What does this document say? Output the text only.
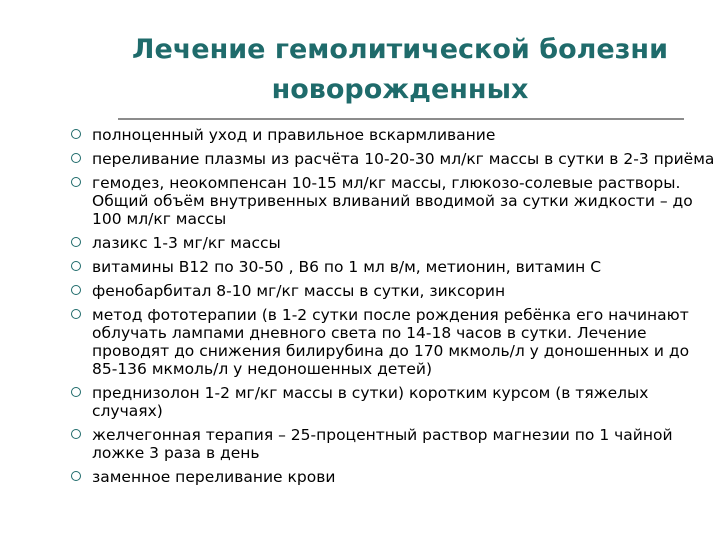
Лечение гемолитической болезни новорожденных
полноценный уход и правильное вскармливание
переливание плазмы из расчёта 10-20-30 мл/кг массы в сутки в 2-3 приёма
гемодез, неокомпенсан 10-15 мл/кг массы, глюкозо-солевые растворы. Общий объём внутривенных вливаний вводимой за сутки жидкости – до 100 мл/кг массы
лазикс 1-3 мг/кг массы
витамины B12 по 30-50 , B6 по 1 мл в/м, метионин, витамин С
фенобарбитал 8-10 мг/кг массы в сутки, зиксорин
метод фототерапии (в 1-2 сутки после рождения ребёнка его начинают облучать лампами дневного света по 14-18 часов в сутки. Лечение проводят до снижения билирубина до 170 мкмоль/л у доношенных и до 85-136 мкмоль/л у недоношенных детей)
преднизолон 1-2 мг/кг массы в сутки) коротким курсом (в тяжелых случаях)
желчегонная терапия – 25-процентный раствор магнезии по 1 чайной ложке 3 раза в день
заменное переливание крови
